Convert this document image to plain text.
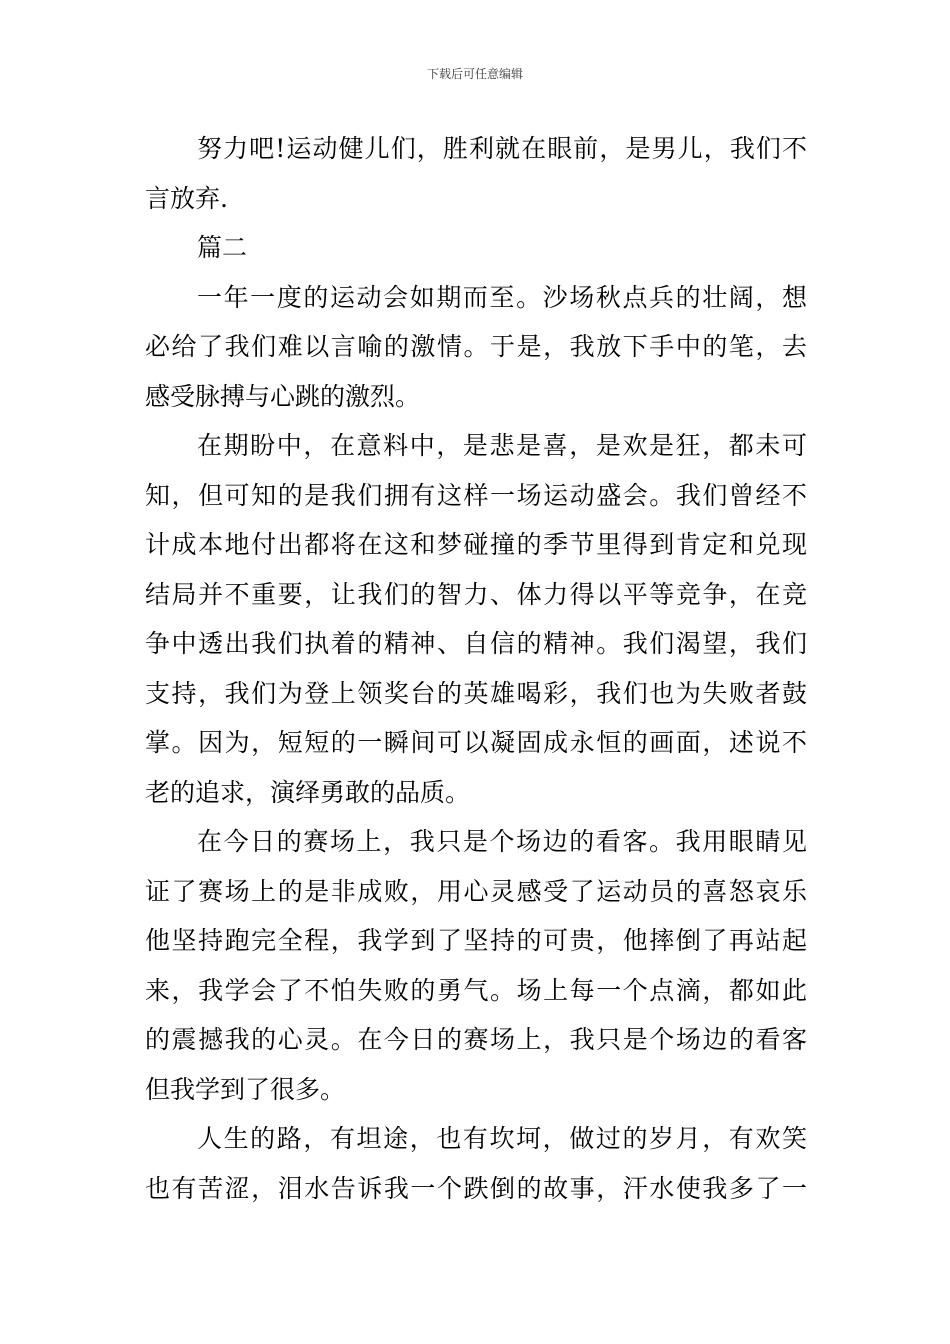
下载后可任意编辑
努力吧!运动健儿们，胜利就在眼前，是男儿，我们不
言放弃.
篇二
一年一度的运动会如期而至。沙场秋点兵的壮阔，想
必给了我们难以言喻的激情。于是，我放下手中的笔，去
感受脉搏与心跳的激烈。
在期盼中，在意料中，是悲是喜，是欢是狂，都未可
知，但可知的是我们拥有这样一场运动盛会。我们曾经不
计成本地付出都将在这和梦碰撞的季节里得到肯定和兑现
结局并不重要，让我们的智力、体力得以平等竞争，在竞
争中透出我们执着的精神、自信的精神。我们渴望，我们
支持，我们为登上领奖台的英雄喝彩，我们也为失败者鼓
掌。因为，短短的一瞬间可以凝固成永恒的画面，述说不
老的追求，演绎勇敢的品质。
在今日的赛场上，我只是个场边的看客。我用眼睛见
证了赛场上的是非成败，用心灵感受了运动员的喜怒哀乐
他坚持跑完全程，我学到了坚持的可贵，他摔倒了再站起
来，我学会了不怕失败的勇气。场上每一个点滴，都如此
的震撼我的心灵。在今日的赛场上，我只是个场边的看客
但我学到了很多。
人生的路，有坦途，也有坎坷，做过的岁月，有欢笑
也有苦涩，泪水告诉我一个跌倒的故事，汗水使我多了一
